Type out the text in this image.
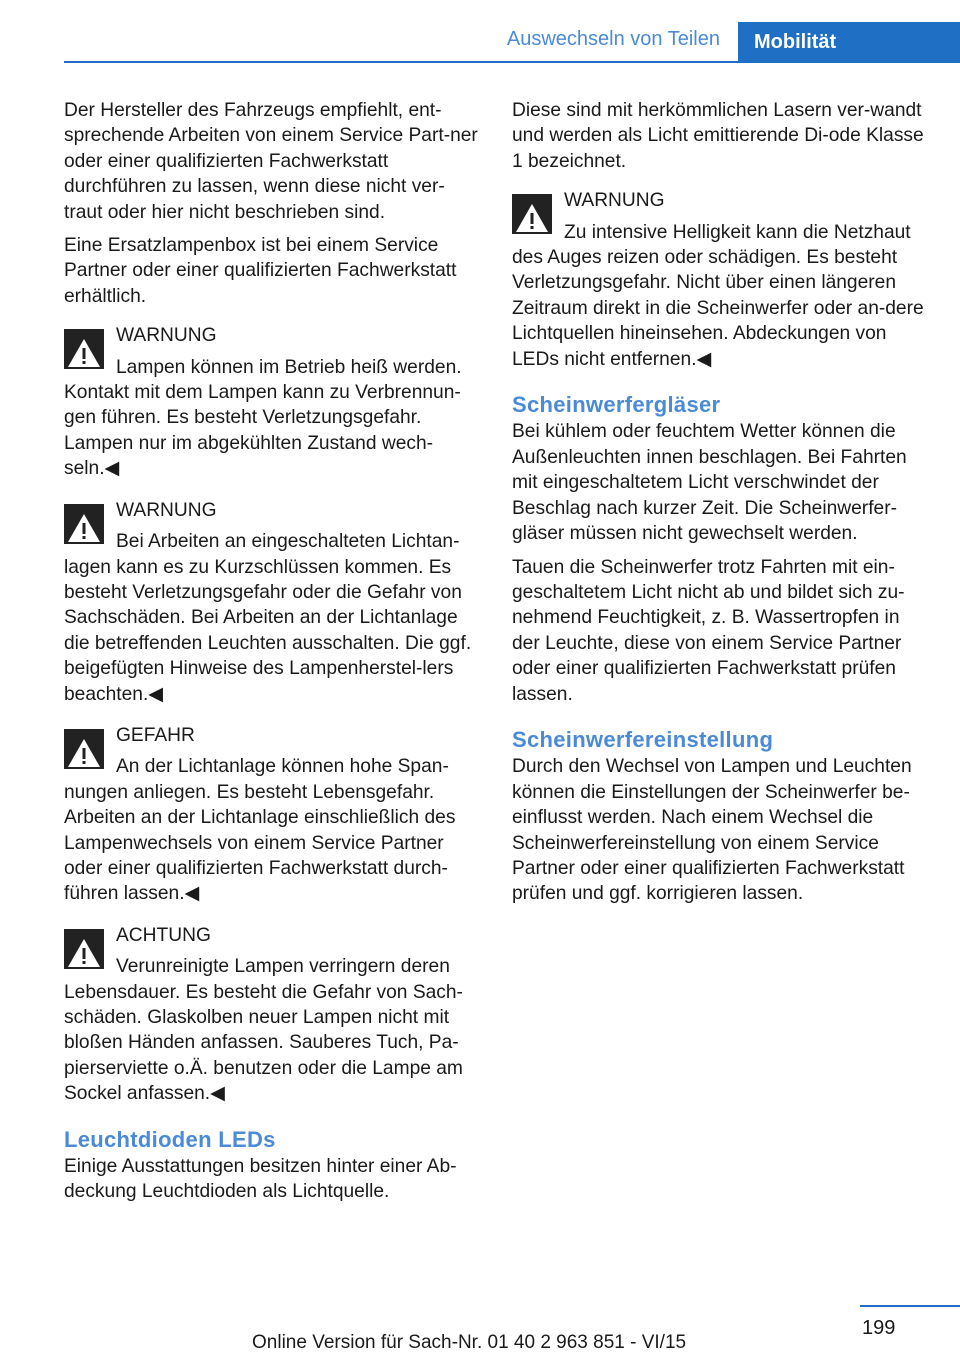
Auswechseln von Teilen	Mobilität

Der Hersteller des Fahrzeugs empfiehlt, ent-sprechende Arbeiten von einem Service Part-ner oder einer qualifizierten Fachwerkstatt durchführen zu lassen, wenn diese nicht ver-traut oder hier nicht beschrieben sind.

Eine Ersatzlampenbox ist bei einem Service Partner oder einer qualifizierten Fachwerkstatt erhältlich.

WARNUNG

Lampen können im Betrieb heiß werden. Kontakt mit dem Lampen kann zu Verbrennun-gen führen. Es besteht Verletzungsgefahr. Lampen nur im abgekühlten Zustand wech-seln.◀

WARNUNG

Bei Arbeiten an eingeschalteten Lichtan-lagen kann es zu Kurzschlüssen kommen. Es besteht Verletzungsgefahr oder die Gefahr von Sachschäden. Bei Arbeiten an der Lichtanlage die betreffenden Leuchten ausschalten. Die ggf. beigefügten Hinweise des Lampenherstel-lers beachten.◀

GEFAHR

An der Lichtanlage können hohe Span-nungen anliegen. Es besteht Lebensgefahr. Arbeiten an der Lichtanlage einschließlich des Lampenwechsels von einem Service Partner oder einer qualifizierten Fachwerkstatt durch-führen lassen.◀

ACHTUNG

Verunreinigte Lampen verringern deren Lebensdauer. Es besteht die Gefahr von Sach-schäden. Glaskolben neuer Lampen nicht mit bloßen Händen anfassen. Sauberes Tuch, Pa-pierserviette o.Ä. benutzen oder die Lampe am Sockel anfassen.◀

Leuchtdioden LEDs

Einige Ausstattungen besitzen hinter einer Ab-deckung Leuchtdioden als Lichtquelle.

Diese sind mit herkömmlichen Lasern ver-wandt und werden als Licht emittierende Di-ode Klasse 1 bezeichnet.

WARNUNG

Zu intensive Helligkeit kann die Netzhaut des Auges reizen oder schädigen. Es besteht Verletzungsgefahr. Nicht über einen längeren Zeitraum direkt in die Scheinwerfer oder an-dere Lichtquellen hineinsehen. Abdeckungen von LEDs nicht entfernen.◀

Scheinwerfergläser

Bei kühlem oder feuchtem Wetter können die Außenleuchten innen beschlagen. Bei Fahrten mit eingeschaltetem Licht verschwindet der Beschlag nach kurzer Zeit. Die Scheinwerfer-gläser müssen nicht gewechselt werden.

Tauen die Scheinwerfer trotz Fahrten mit ein-geschaltetem Licht nicht ab und bildet sich zu-nehmend Feuchtigkeit, z. B. Wassertropfen in der Leuchte, diese von einem Service Partner oder einer qualifizierten Fachwerkstatt prüfen lassen.

Scheinwerfereinstellung

Durch den Wechsel von Lampen und Leuchten können die Einstellungen der Scheinwerfer be-einflusst werden. Nach einem Wechsel die Scheinwerfereinstellung von einem Service Partner oder einer qualifizierten Fachwerkstatt prüfen und ggf. korrigieren lassen.

199
Online Version für Sach-Nr. 01 40 2 963 851 - VI/15
